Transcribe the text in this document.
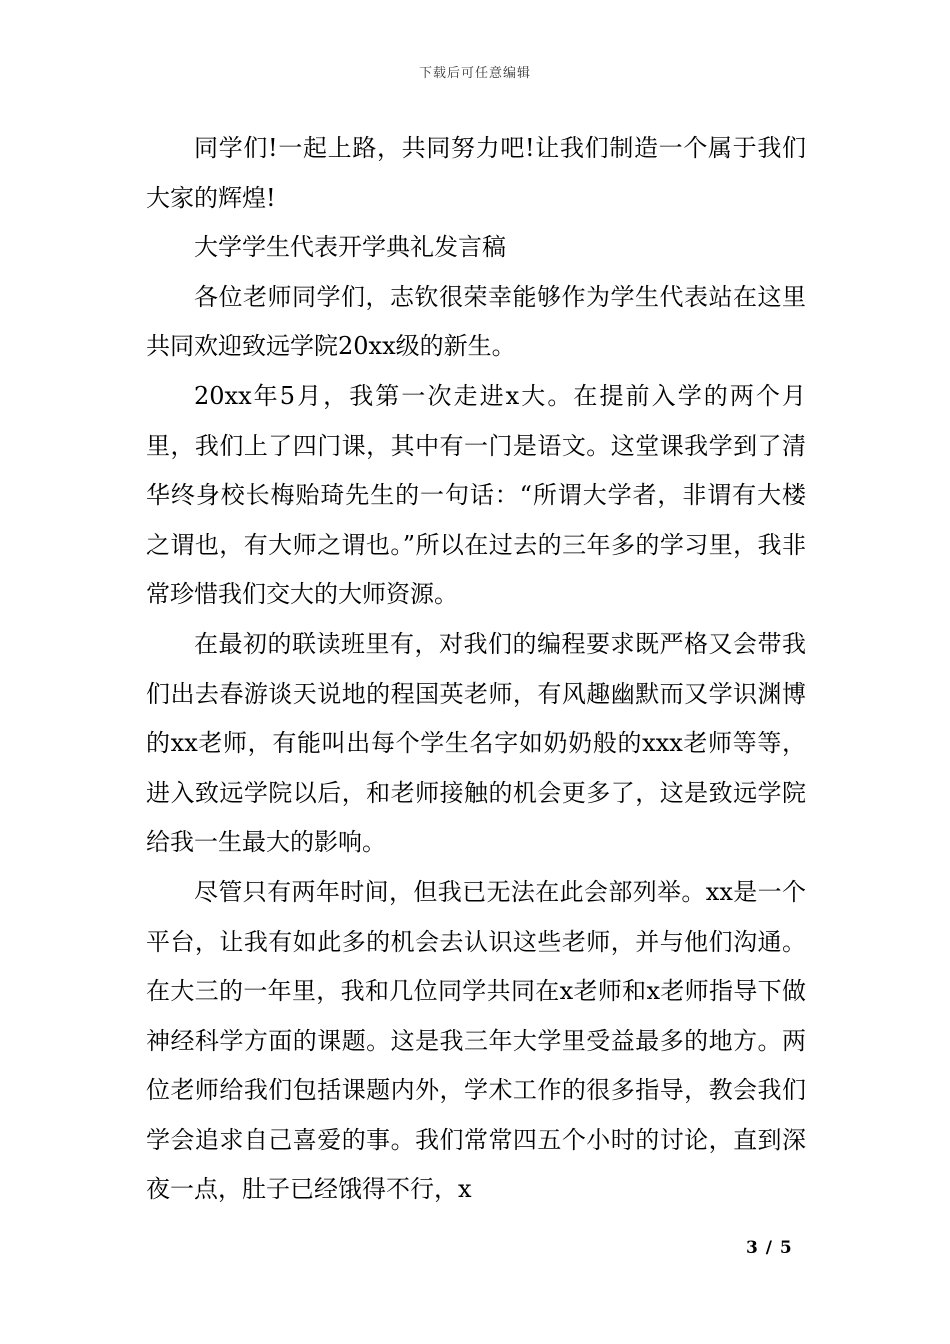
下载后可任意编辑

同学们!一起上路，共同努力吧!让我们制造一个属于我们大家的辉煌!

大学学生代表开学典礼发言稿

各位老师同学们，志钦很荣幸能够作为学生代表站在这里共同欢迎致远学院20xx级的新生。

20xx年5月，我第一次走进x大。在提前入学的两个月里，我们上了四门课，其中有一门是语文。这堂课我学到了清华终身校长梅贻琦先生的一句话：“所谓大学者，非谓有大楼之谓也，有大师之谓也。”所以在过去的三年多的学习里，我非常珍惜我们交大的大师资源。

在最初的联读班里有，对我们的编程要求既严格又会带我们出去春游谈天说地的程国英老师，有风趣幽默而又学识渊博的xx老师，有能叫出每个学生名字如奶奶般的xxx老师等等，进入致远学院以后，和老师接触的机会更多了，这是致远学院给我一生最大的影响。

尽管只有两年时间，但我已无法在此会部列举。xx是一个平台，让我有如此多的机会去认识这些老师，并与他们沟通。在大三的一年里，我和几位同学共同在x老师和x老师指导下做神经科学方面的课题。这是我三年大学里受益最多的地方。两位老师给我们包括课题内外，学术工作的很多指导，教会我们学会追求自己喜爱的事。我们常常四五个小时的讨论，直到深夜一点，肚子已经饿得不行，x

3 / 5
